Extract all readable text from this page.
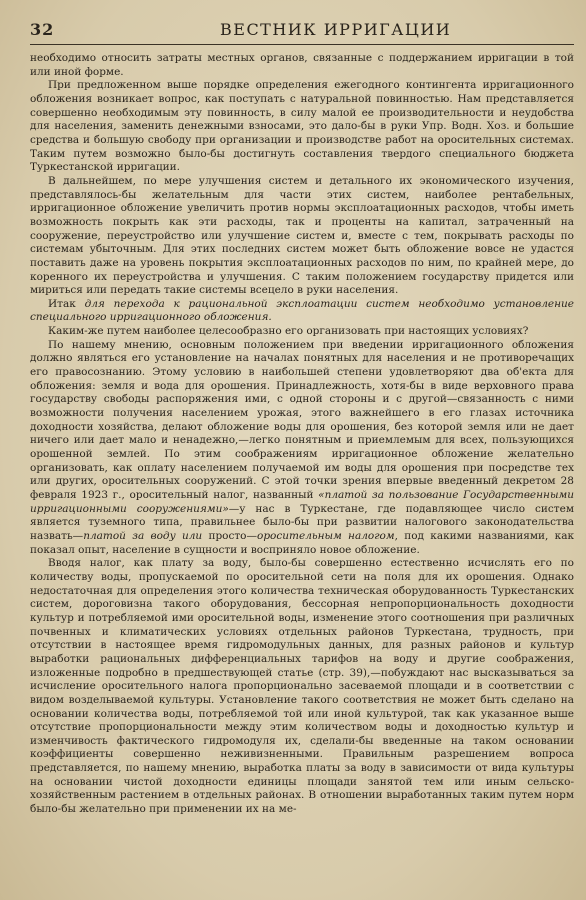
32	ВЕСТНИК ИРРИГАЦИИ

необходимо относить затраты местных органов, связанные с поддержанием ирригации в той или иной форме.

При предложенном выше порядке определения ежегодного контингента ирригационного обложения возникает вопрос, как поступать с натуральной повинностью. Нам представляется совершенно необходимым эту повинность, в силу малой ее производительности и неудобства для населения, заменить денежными взносами, это дало-бы в руки Упр. Водн. Хоз. и большие средства и большую свободу при организации и производстве работ на оросительных системах. Таким путем возможно было-бы достигнуть составления твердого специального бюджета Туркестанской ирригации.

В дальнейшем, по мере улучшения систем и детального их экономического изучения, представлялось-бы желательным для части этих систем, наиболее рентабельных, ирригационное обложение увеличить против нормы эксплоатационных расходов, чтобы иметь возможность покрыть как эти расходы, так и проценты на капитал, затраченный на сооружение, переустройство или улучшение систем и, вместе с тем, покрывать расходы по системам убыточным. Для этих последних систем может быть обложение вовсе не удастся поставить даже на уровень покрытия эксплоатационных расходов по ним, по крайней мере, до коренного их переустройства и улучшения. С таким положением государству придется или мириться или передать такие системы всецело в руки населения.

Итак для перехода к рациональной эксплоатации систем необходимо установление специального ирригационного обложения.

Каким-же путем наиболее целесообразно его организовать при настоящих условиях?

По нашему мнению, основным положением при введении ирригационного обложения должно являться его установление на началах понятных для населения и не противоречащих его правосознанию. Этому условию в наибольшей степени удовлетворяют два об'екта для обложения: земля и вода для орошения. Принадлежность, хотя-бы в виде верховного права государству свободы распоряжения ими, с одной стороны и с другой—связанность с ними возможности получения населением урожая, этого важнейшего в его глазах источника доходности хозяйства, делают обложение воды для орошения, без которой земля или не дает ничего или дает мало и ненадежно,—легко понятным и приемлемым для всех, пользующихся орошенной землей. По этим соображениям ирригационное обложение желательно организовать, как оплату населением получаемой им воды для орошения при посредстве тех или других, оросительных сооружений. С этой точки зрения впервые введенный декретом 28 февраля 1923 г., оросительный налог, названный «платой за пользование Государственными ирригационными сооружениями»—у нас в Туркестане, где подавляющее число систем является туземного типа, правильнее было-бы при развитии налогового законодательства назвать—платой за воду или просто—оросительным налогом, под какими названиями, как показал опыт, население в сущности и восприняло новое обложение.

Вводя налог, как плату за воду, было-бы совершенно естественно исчислять его по количеству воды, пропускаемой по оросительной сети на поля для их орошения. Однако недостаточная для определения этого количества техническая оборудованность Туркестанских систем, дороговизна такого оборудования, бессорная непропорциональность доходности культур и потребляемой ими оросительной воды, изменение этого соотношения при различных почвенных и климатических условиях отдельных районов Туркестана, трудность, при отсутствии в настоящее время гидромодульных данных, для разных районов и культур выработки рациональных дифференциальных тарифов на воду и другие соображения, изложенные подробно в предшествующей статье (стр. 39),—побуждают нас высказываться за исчисление оросительного налога пропорционально засеваемой площади и в соответствии с видом возделываемой культуры. Установление такого соответствия не может быть сделано на основании количества воды, потребляемой той или иной культурой, так как указанное выше отсутствие пропорциональности между этим количеством воды и доходностью культур и изменчивость фактического гидромодуля их, сделали-бы введенные на таком основании коэффициенты совершенно неживизненными. Правильным разрешением вопроса представляется, по нашему мнению, выработка платы за воду в зависимости от вида культуры на основании чистой доходности единицы площади занятой тем или иным сельско-хозяйственным растением в отдельных районах. В отношении выработанных таким путем норм было-бы желательно при применении их на ме-
